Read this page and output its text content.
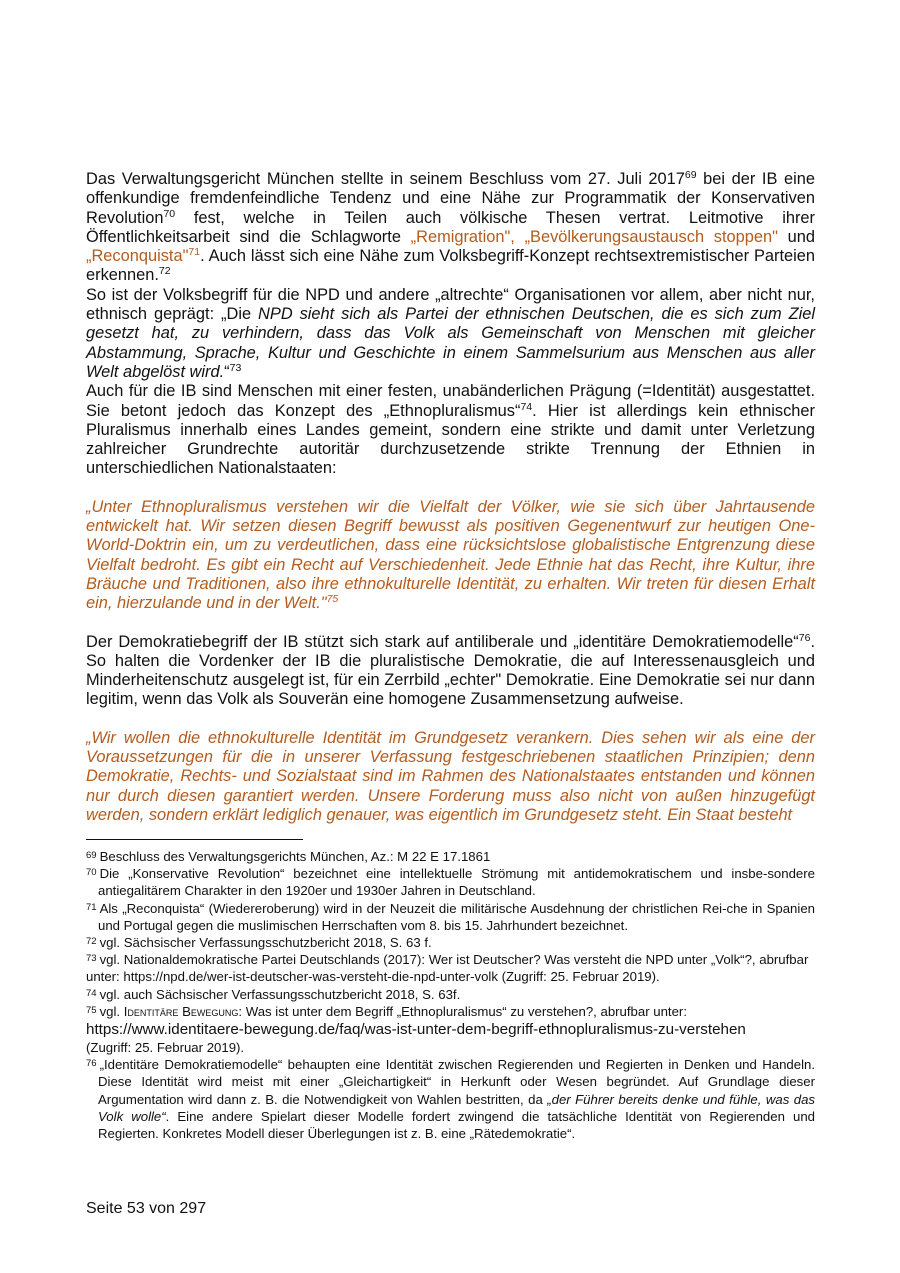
Das Verwaltungsgericht München stellte in seinem Beschluss vom 27. Juli 2017$^{69}$ bei der IB eine offenkundige fremdenfeindliche Tendenz und eine Nähe zur Programmatik der Konservativen Revolution$^{70}$ fest, welche in Teilen auch völkische Thesen vertrat. Leitmotive ihrer Öffentlichkeitsarbeit sind die Schlagworte „Remigration", „Bevölkerungsaustausch stoppen" und „Reconquista"$^{71}$. Auch lässt sich eine Nähe zum Volksbegriff-Konzept rechtsextremistischer Parteien erkennen.$^{72}$

So ist der Volksbegriff für die NPD und andere „altrechte“ Organisationen vor allem, aber nicht nur, ethnisch geprägt: „Die NPD sieht sich als Partei der ethnischen Deutschen, die es sich zum Ziel gesetzt hat, zu verhindern, dass das Volk als Gemeinschaft von Menschen mit gleicher Abstammung, Sprache, Kultur und Geschichte in einem Sammelsurium aus Menschen aus aller Welt abgelöst wird.“$^{73}$

Auch für die IB sind Menschen mit einer festen, unabänderlichen Prägung (=Identität) ausgestattet. Sie betont jedoch das Konzept des „Ethnopluralismus“$^{74}$. Hier ist allerdings kein ethnischer Pluralismus innerhalb eines Landes gemeint, sondern eine strikte und damit unter Verletzung zahlreicher Grundrechte autoritär durchzusetzende strikte Trennung der Ethnien in unterschiedlichen Nationalstaaten:

„Unter Ethnopluralismus verstehen wir die Vielfalt der Völker, wie sie sich über Jahrtausende entwickelt hat. Wir setzen diesen Begriff bewusst als positiven Gegenentwurf zur heutigen One-World-Doktrin ein, um zu verdeutlichen, dass eine rücksichtslose globalistische Entgrenzung diese Vielfalt bedroht. Es gibt ein Recht auf Verschiedenheit. Jede Ethnie hat das Recht, ihre Kultur, ihre Bräuche und Traditionen, also ihre ethnokulturelle Identität, zu erhalten. Wir treten für diesen Erhalt ein, hierzulande und in der Welt."$^{75}$

Der Demokratiebegriff der IB stützt sich stark auf antiliberale und „identitäre Demokratiemodelle“$^{76}$. So halten die Vordenker der IB die pluralistische Demokratie, die auf Interessenausgleich und Minderheitenschutz ausgelegt ist, für ein Zerrbild „echter" Demokratie. Eine Demokratie sei nur dann legitim, wenn das Volk als Souverän eine homogene Zusammensetzung aufweise.

„Wir wollen die ethnokulturelle Identität im Grundgesetz verankern. Dies sehen wir als eine der Voraussetzungen für die in unserer Verfassung festgeschriebenen staatlichen Prinzipien; denn Demokratie, Rechts- und Sozialstaat sind im Rahmen des Nationalstaates entstanden und können nur durch diesen garantiert werden. Unsere Forderung muss also nicht von außen hinzugefügt werden, sondern erklärt lediglich genauer, was eigentlich im Grundgesetz steht. Ein Staat besteht

$^{69}$ Beschluss des Verwaltungsgerichts München, Az.: M 22 E 17.1861

$^{70}$ Die „Konservative Revolution“ bezeichnet eine intellektuelle Strömung mit antidemokratischem und insbe-sondere antiegalitärem Charakter in den 1920er und 1930er Jahren in Deutschland.

$^{71}$ Als „Reconquista“ (Wiedereroberung) wird in der Neuzeit die militärische Ausdehnung der christlichen Rei-che in Spanien und Portugal gegen die muslimischen Herrschaften vom 8. bis 15. Jahrhundert bezeichnet.

$^{72}$ vgl. Sächsischer Verfassungsschutzbericht 2018, S. 63 f.

$^{73}$ vgl. Nationaldemokratische Partei Deutschlands (2017): Wer ist Deutscher? Was versteht die NPD unter „Volk“?, abrufbar unter: https://npd.de/wer-ist-deutscher-was-versteht-die-npd-unter-volk (Zugriff: 25. Februar 2019).

$^{74}$ vgl. auch Sächsischer Verfassungsschutzbericht 2018, S. 63f.

$^{75}$ vgl. Identitäre Bewegung: Was ist unter dem Begriff „Ethnopluralismus“ zu verstehen?, abrufbar unter:
https://www.identitaere-bewegung.de/faq/was-ist-unter-dem-begriff-ethnopluralismus-zu-verstehen
(Zugriff: 25. Februar 2019).

$^{76}$ „Identitäre Demokratiemodelle“ behaupten eine Identität zwischen Regierenden und Regierten in Denken und Handeln. Diese Identität wird meist mit einer „Gleichartigkeit“ in Herkunft oder Wesen begründet. Auf Grundlage dieser Argumentation wird dann z. B. die Notwendigkeit von Wahlen bestritten, da „der Führer bereits denke und fühle, was das Volk wolle“. Eine andere Spielart dieser Modelle fordert zwingend die tatsächliche Identität von Regierenden und Regierten. Konkretes Modell dieser Überlegungen ist z. B. eine „Rätedemokratie“.

Seite 53 von 297
